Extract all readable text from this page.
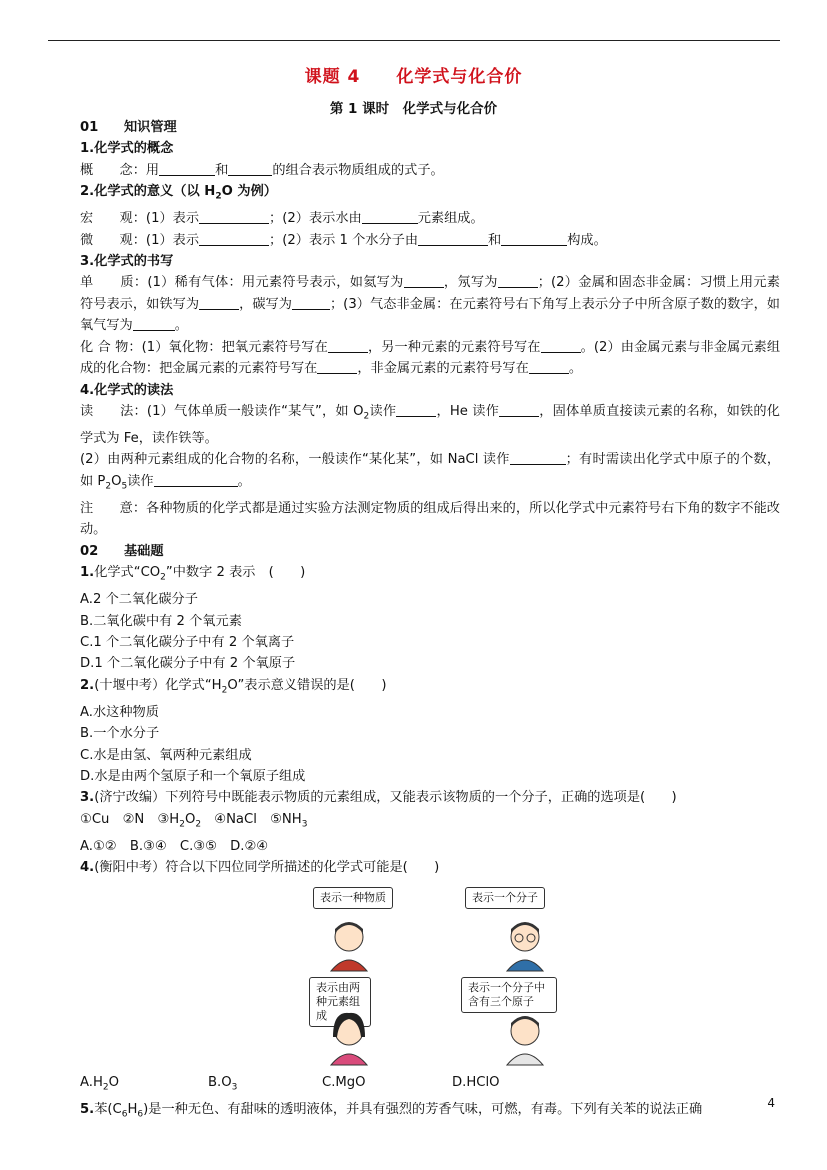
课题 4 化学式与化合价
第 1 课时　化学式与化合价
01 知识管理
1.化学式的概念
概　　念：用	和	的组合表示物质组成的式子。
2.化学式的意义（以 $H_2O$ 为例）
宏　　观：(1）表示	；(2）表示水由	元素组成。
微　　观：(1）表示	；(2）表示 1 个水分子由	和	构成。
3.化学式的书写
单　　质：(1）稀有气体：用元素符号表示，如氦写为	，氖写为	；(2）金属和固态非金属：习惯上用元素符号表示，如铁写为	，碳写为	；(3）气态非金属：在元素符号右下角写上表示分子中所含原子数的数字，如氧气写为	。
化 合 物：(1）氧化物：把氧元素符号写在	，另一种元素的元素符号写在	。(2）由金属元素与非金属元素组成的化合物：把金属元素的元素符号写在	，非金属元素的元素符号写在	。
4.化学式的读法
读　　法：(1）气体单质一般读作“某气”，如 $O_2$读作	，He 读作	，固体单质直接读元素的名称，如铁的化学式为 Fe，读作铁等。
(2）由两种元素组成的化合物的名称，一般读作“某化某”，如 NaCl 读作	；有时需读出化学式中原子的个数，如 $P_2O_5$读作	。
注　　意：各种物质的化学式都是通过实验方法测定物质的组成后得出来的，所以化学式中元素符号右下角的数字不能改动。
02 基础题
1.化学式“$CO_2$”中数字 2 表示　(　　)
A.2 个二氧化碳分子
B.二氧化碳中有 2 个氧元素
C.1 个二氧化碳分子中有 2 个氧离子
D.1 个二氧化碳分子中有 2 个氧原子
2.(十堰中考）化学式“$H_2O$”表示意义错误的是(　　)
A.水这种物质
B.一个水分子
C.水是由氢、氧两种元素组成
D.水是由两个氢原子和一个氧原子组成
3.(济宁改编）下列符号中既能表示物质的元素组成，又能表示该物质的一个分子，正确的选项是(　　)
①Cu　②N　$③H_2O_2$　④NaCl　$⑤NH_3$
A.①②　B.③④　C.③⑤　D.②④
4.(衡阳中考）符合以下四位同学所描述的化学式可能是(　　)
表示一种物质	表示一个分子
表示由两种元素组成
表示一个分子中含有三个原子
$A.H_2O$	$B.O_3$	C.MgO	D.HClO
5.苯$(C_6H_6)$是一种无色、有甜味的透明液体，并具有强烈的芳香气味，可燃，有毒。下列有关苯的说法正确	4
